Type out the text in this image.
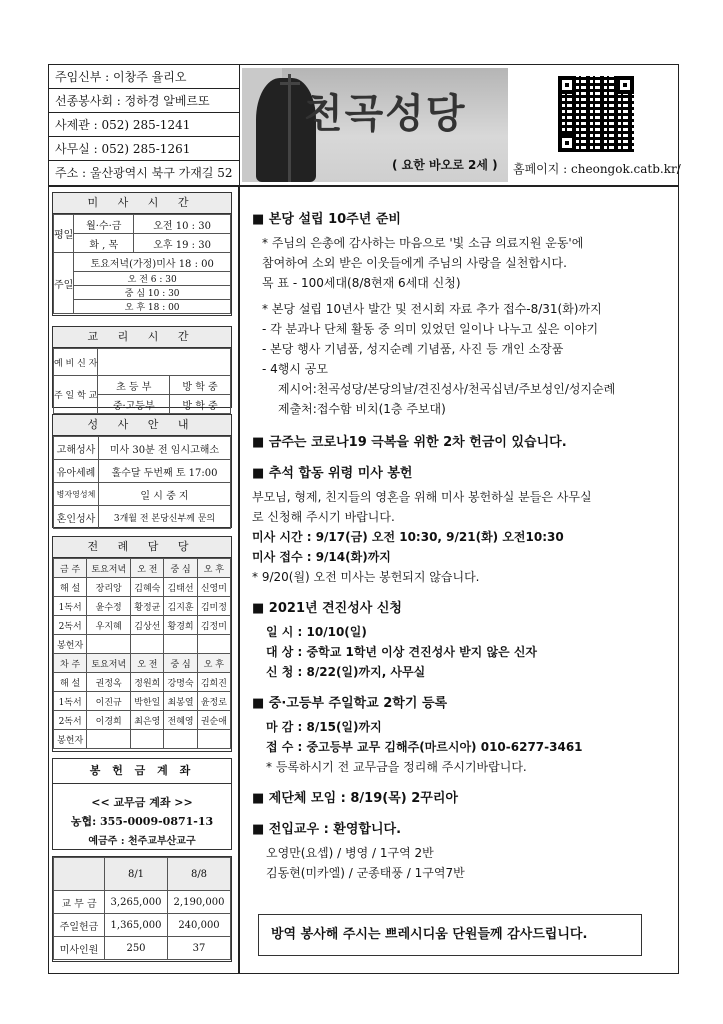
주임신부 : 이창주 율리오
선종봉사회 : 정하경 알베르또
사제관 : 052) 285-1241
사무실 : 052) 285-1261
주소 : 울산광역시 북구 가재길 52
천곡성당
( 요한 바오로 2세 ) 홈페이지 : cheongok.catb.kr/
미 사 시 간
평일	월·수·금	오전 10 : 30
	화 , 목	오후 19 : 30
주일	토요저녁(가정)미사 18 : 00	
	오 전 6 : 30	
	중 심 10 : 30	
	오 후 18 : 00	
교 리 시 간
예 비 신 자		
주 일 학 교	초 등 부	방 학 중
	중·고등부	방 학 중
성 사 안 내
고해성사	미사 30분 전 임시고해소
유아세례	홀수달 두번째 토 17:00
병자영성체	일 시 중 지
혼인성사	3개월 전 본당신부께 문의
전 례 담 당
금 주	토요저녁	오 전	중 심	오 후
해 설	장리앙	김혜숙	김태선	신영미
1독서	윤수정	황정균	김지훈	김미정
2독서	우지혜	김상선	황경희	김정미
봉헌자				
차 주	토요저녁	오 전	중 심	오 후
해 설	권정옥	정원희	강명숙	김희진
1독서	이진규	박한일	최봉열	윤정로
2독서	이경희	최은영	전혜영	권순애
봉헌자				
봉 헌 금 계 좌
<< 교무금 계좌 >>
농협: 355-0009-0871-13
예금주 : 천주교부산교구
	8/1	8/8
교 무 금	3,265,000	2,190,000
주일헌금	1,365,000	240,000
미사인원	250	37
■ 본당 설립 10주년 준비
* 주님의 은총에 감사하는 마음으로 '빛 소금 의료지원 운동'에
참여하여 소외 받은 이웃들에게 주님의 사랑을 실천합시다.
목 표 - 100세대(8/8현재 6세대 신청)
* 본당 설립 10년사 발간 및 전시회 자료 추가 접수-8/31(화)까지
- 각 분과나 단체 활동 중 의미 있었던 일이나 나누고 싶은 이야기
- 본당 행사 기념품, 성지순례 기념품, 사진 등 개인 소장품
- 4행시 공모
제시어:천곡성당/본당의날/견진성사/천곡십년/주보성인/성지순례
제출처:접수함 비치(1층 주보대)
■ 금주는 코로나19 극복을 위한 2차 헌금이 있습니다.
■ 추석 합동 위령 미사 봉헌
부모님, 형제, 친지들의 영혼을 위해 미사 봉헌하실 분들은 사무실
로 신청해 주시기 바랍니다.
미사 시간 : 9/17(금) 오전 10:30, 9/21(화) 오전10:30
미사 접수 : 9/14(화)까지
* 9/20(월) 오전 미사는 봉헌되지 않습니다.
■ 2021년 견진성사 신청
일 시 : 10/10(일)
대 상 : 중학교 1학년 이상 견진성사 받지 않은 신자
신 청 : 8/22(일)까지, 사무실
■ 중·고등부 주일학교 2학기 등록
마 감 : 8/15(일)까지
접 수 : 중고등부 교무 김해주(마르시아) 010-6277-3461
* 등록하시기 전 교무금을 정리해 주시기바랍니다.
■ 제단체 모임 : 8/19(목) 2꾸리아
■ 전입교우 : 환영합니다.
오영만(요셉) / 병영 / 1구역 2반
김동현(미카엘) / 군종태풍 / 1구역7반
방역 봉사해 주시는 쁘레시디움 단원들께 감사드립니다.
